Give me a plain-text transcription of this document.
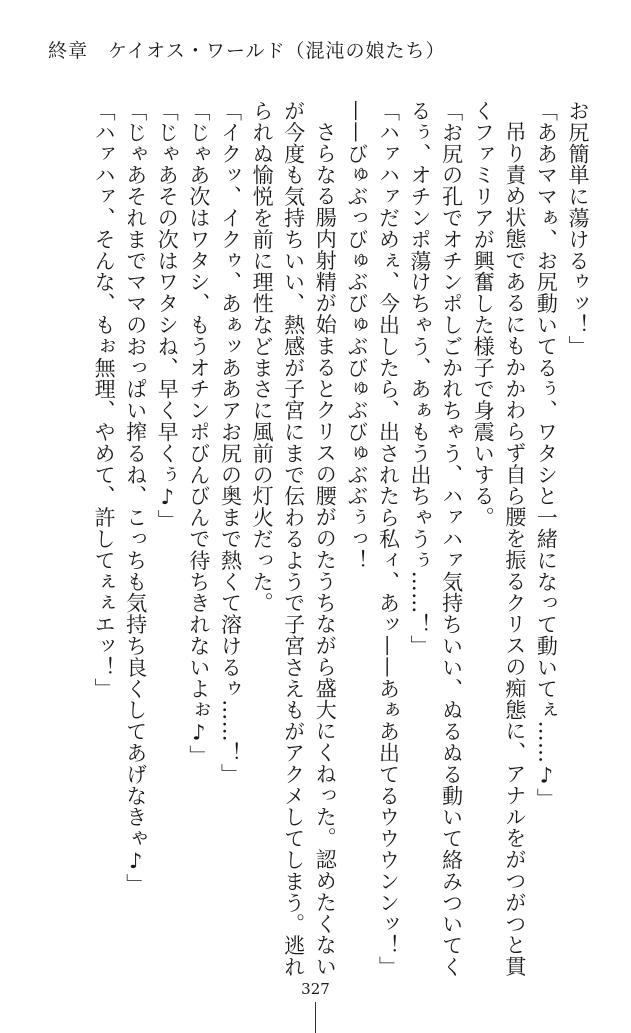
終章　ケイオス・ワールド（混沌の娘たち）

お尻簡単に蕩けるゥッ！」

「ああママぁ、お尻動いてるぅ、ワタシと一緒になって動いてぇ……♪」

吊り責め状態であるにもかかわらず自ら腰を振るクリスの痴態に、アナルをがつがつと貫くファミリアが興奮した様子で身震いする。

「お尻の孔でオチンポしごかれちゃう、ハァハァ気持ちいい、ぬるぬる動いて絡みついてくるぅ、オチンポ蕩けちゃう、あぁもう出ちゃうぅ……！」

「ハァハァだめぇ、今出したら、出されたら私ィ、あッ——あぁあ出てるウウウンンッ！」

——びゅぶっびゅぶびゅぶびゅぶびゅぶぶぅっ！

さらなる腸内射精が始まるとクリスの腰がのたうちながら盛大にくねった。認めたくないが今度も気持ちいい、熱感が子宮にまで伝わるようで子宮さえもがアクメしてしまう。逃れられぬ愉悦を前に理性などまさに風前の灯火だった。

「イクッ、イクゥ、あぁッああアお尻の奥まで熱くて溶けるゥ……！」

「じゃあ次はワタシ、もうオチンポびんびんで待ちきれないよぉ♪」

「じゃあその次はワタシね、早く早くぅ♪」

「じゃあそれまでママのおっぱい搾るね、こっちも気持ち良くしてあげなきゃ♪」

「ハァハァ、そんな、もぉ無理、やめて、許してぇぇエッ！」

327
